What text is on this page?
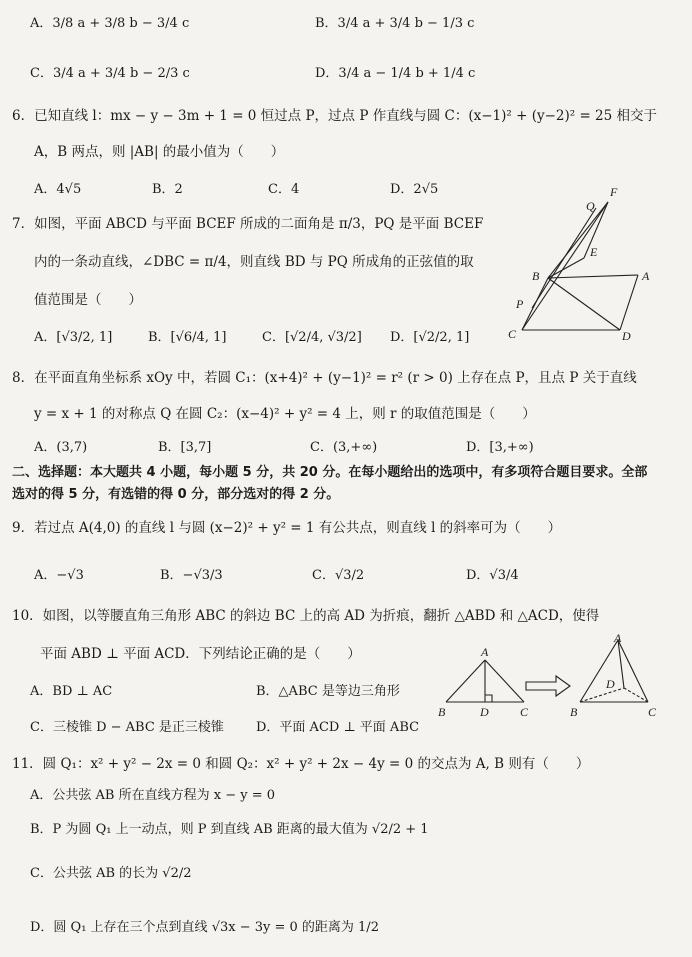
A．3/8 a + 3/8 b − 3/4 c	B．3/4 a + 3/4 b − 1/3 c
C．3/4 a + 3/4 b − 2/3 c	D．3/4 a − 1/4 b + 1/4 c
6．已知直线 l：mx − y − 3m + 1 = 0 恒过点 P，过点 P 作直线与圆 C：(x−1)² + (y−2)² = 25 相交于
A，B 两点，则 |AB| 的最小值为（　　）
A．4√5	B．2	C．4	D．2√5
7．如图，平面 ABCD 与平面 BCEF 所成的二面角是 π/3，PQ 是平面 BCEF
内的一条动直线，∠DBC = π/4，则直线 BD 与 PQ 所成角的正弦值的取
值范围是（　　）
A．[√3/2, 1]	B．[√6/4, 1]	C．[√2/4, √3/2] D．[√2/2, 1]
F
Q
E
B	A
P
C	D
8．在平面直角坐标系 xOy 中，若圆 C₁：(x+4)² + (y−1)² = r² (r > 0) 上存在点 P，且点 P 关于直线
y = x + 1 的对称点 Q 在圆 C₂：(x−4)² + y² = 4 上，则 r 的取值范围是（　　）
A．(3,7)	B．[3,7]	C．(3,+∞)	D．[3,+∞)
二、选择题：本大题共 4 小题，每小题 5 分，共 20 分。在每小题给出的选项中，有多项符合题目要求。全部选对的得 5 分，有选错的得 0 分，部分选对的得 2 分。
9．若过点 A(4,0) 的直线 l 与圆 (x−2)² + y² = 1 有公共点，则直线 l 的斜率可为（　　）
A．−√3	B．−√3/3	C．√3/2	D．√3/4
10．如图，以等腰直角三角形 ABC 的斜边 BC 上的高 AD 为折痕，翻折 △ABD 和 △ACD，使得
平面 ABD ⊥ 平面 ACD．下列结论正确的是（　　）
A．BD ⊥ AC	B．△ABC 是等边三角形
C．三棱锥 D − ABC 是正三棱锥 D．平面 ACD ⊥ 平面 ABC
A
B	D	C
A
D
B	C
11．圆 Q₁：x² + y² − 2x = 0 和圆 Q₂：x² + y² + 2x − 4y = 0 的交点为 A, B 则有（　　）
A．公共弦 AB 所在直线方程为 x − y = 0
B．P 为圆 Q₁ 上一动点，则 P 到直线 AB 距离的最大值为 √2/2 + 1
C．公共弦 AB 的长为 √2/2
D．圆 Q₁ 上存在三个点到直线 √3x − 3y = 0 的距离为 1/2
